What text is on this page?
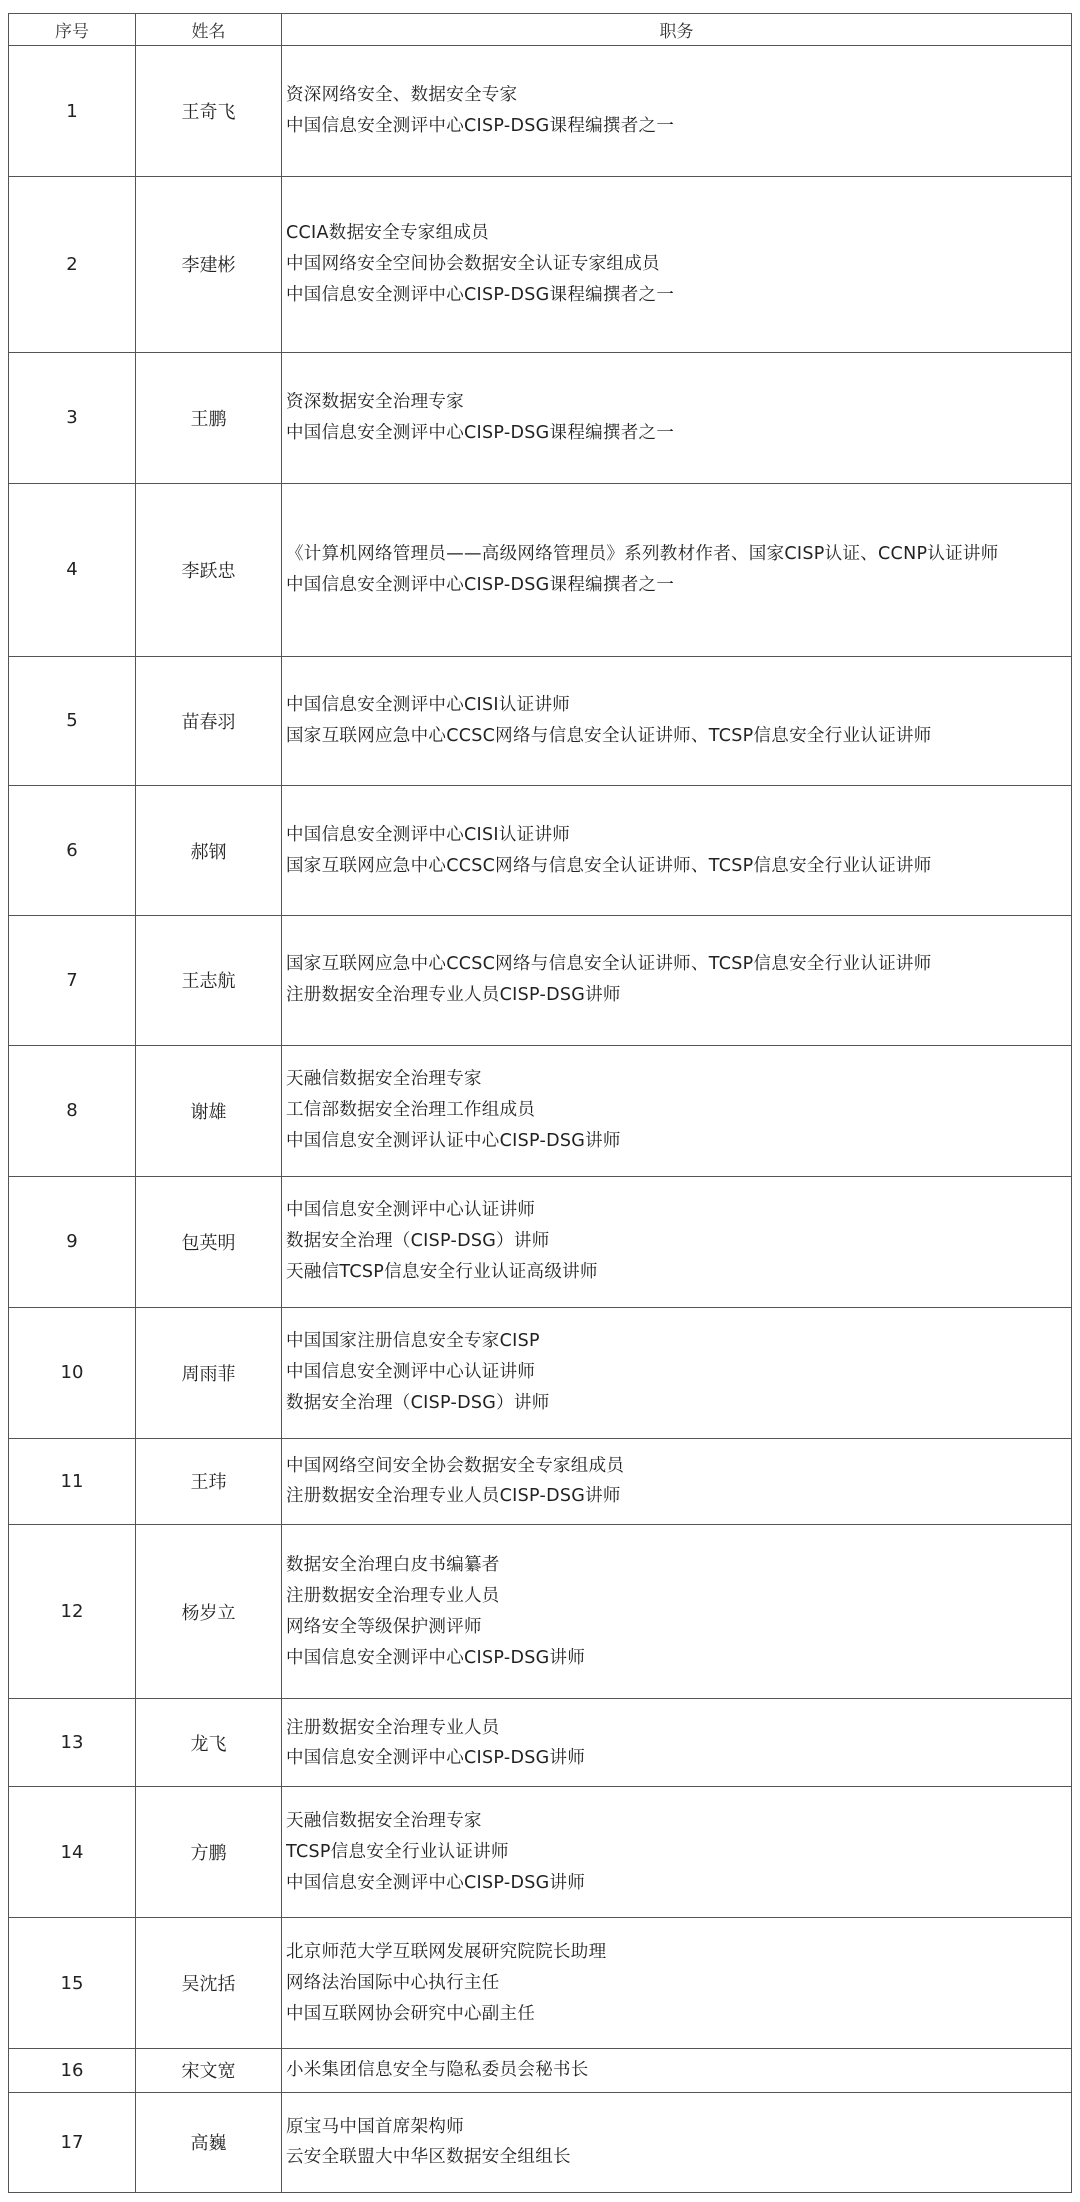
序号	姓名	职务
1	王奇飞	资深网络安全、数据安全专家
中国信息安全测评中心CISP-DSG课程编撰者之一

2	李建彬	CCIA数据安全专家组成员
中国网络安全空间协会数据安全认证专家组成员
中国信息安全测评中心CISP-DSG课程编撰者之一

3	王鹏	资深数据安全治理专家
中国信息安全测评中心CISP-DSG课程编撰者之一

4	李跃忠	《计算机网络管理员——高级网络管理员》系列教材作者、国家CISP认证、CCNP认证讲师
中国信息安全测评中心CISP-DSG课程编撰者之一

5	苗春羽	中国信息安全测评中心CISI认证讲师
国家互联网应急中心CCSC网络与信息安全认证讲师、TCSP信息安全行业认证讲师

6	郝钢	中国信息安全测评中心CISI认证讲师
国家互联网应急中心CCSC网络与信息安全认证讲师、TCSP信息安全行业认证讲师

7	王志航	国家互联网应急中心CCSC网络与信息安全认证讲师、TCSP信息安全行业认证讲师
注册数据安全治理专业人员CISP-DSG讲师

8	谢雄	天融信数据安全治理专家
工信部数据安全治理工作组成员
中国信息安全测评认证中心CISP-DSG讲师

9	包英明	中国信息安全测评中心认证讲师
数据安全治理（CISP-DSG）讲师
天融信TCSP信息安全行业认证高级讲师

10	周雨菲	中国国家注册信息安全专家CISP
中国信息安全测评中心认证讲师
数据安全治理（CISP-DSG）讲师

11	王玮	中国网络空间安全协会数据安全专家组成员
注册数据安全治理专业人员CISP-DSG讲师

12	杨岁立	数据安全治理白皮书编纂者
注册数据安全治理专业人员
网络安全等级保护测评师
中国信息安全测评中心CISP-DSG讲师

13	龙飞	注册数据安全治理专业人员
中国信息安全测评中心CISP-DSG讲师

14	方鹏	天融信数据安全治理专家
TCSP信息安全行业认证讲师
中国信息安全测评中心CISP-DSG讲师

15	吴沈括	北京师范大学互联网发展研究院院长助理
网络法治国际中心执行主任
中国互联网协会研究中心副主任

16	宋文宽	小米集团信息安全与隐私委员会秘书长

17	高巍	原宝马中国首席架构师
云安全联盟大中华区数据安全组组长
